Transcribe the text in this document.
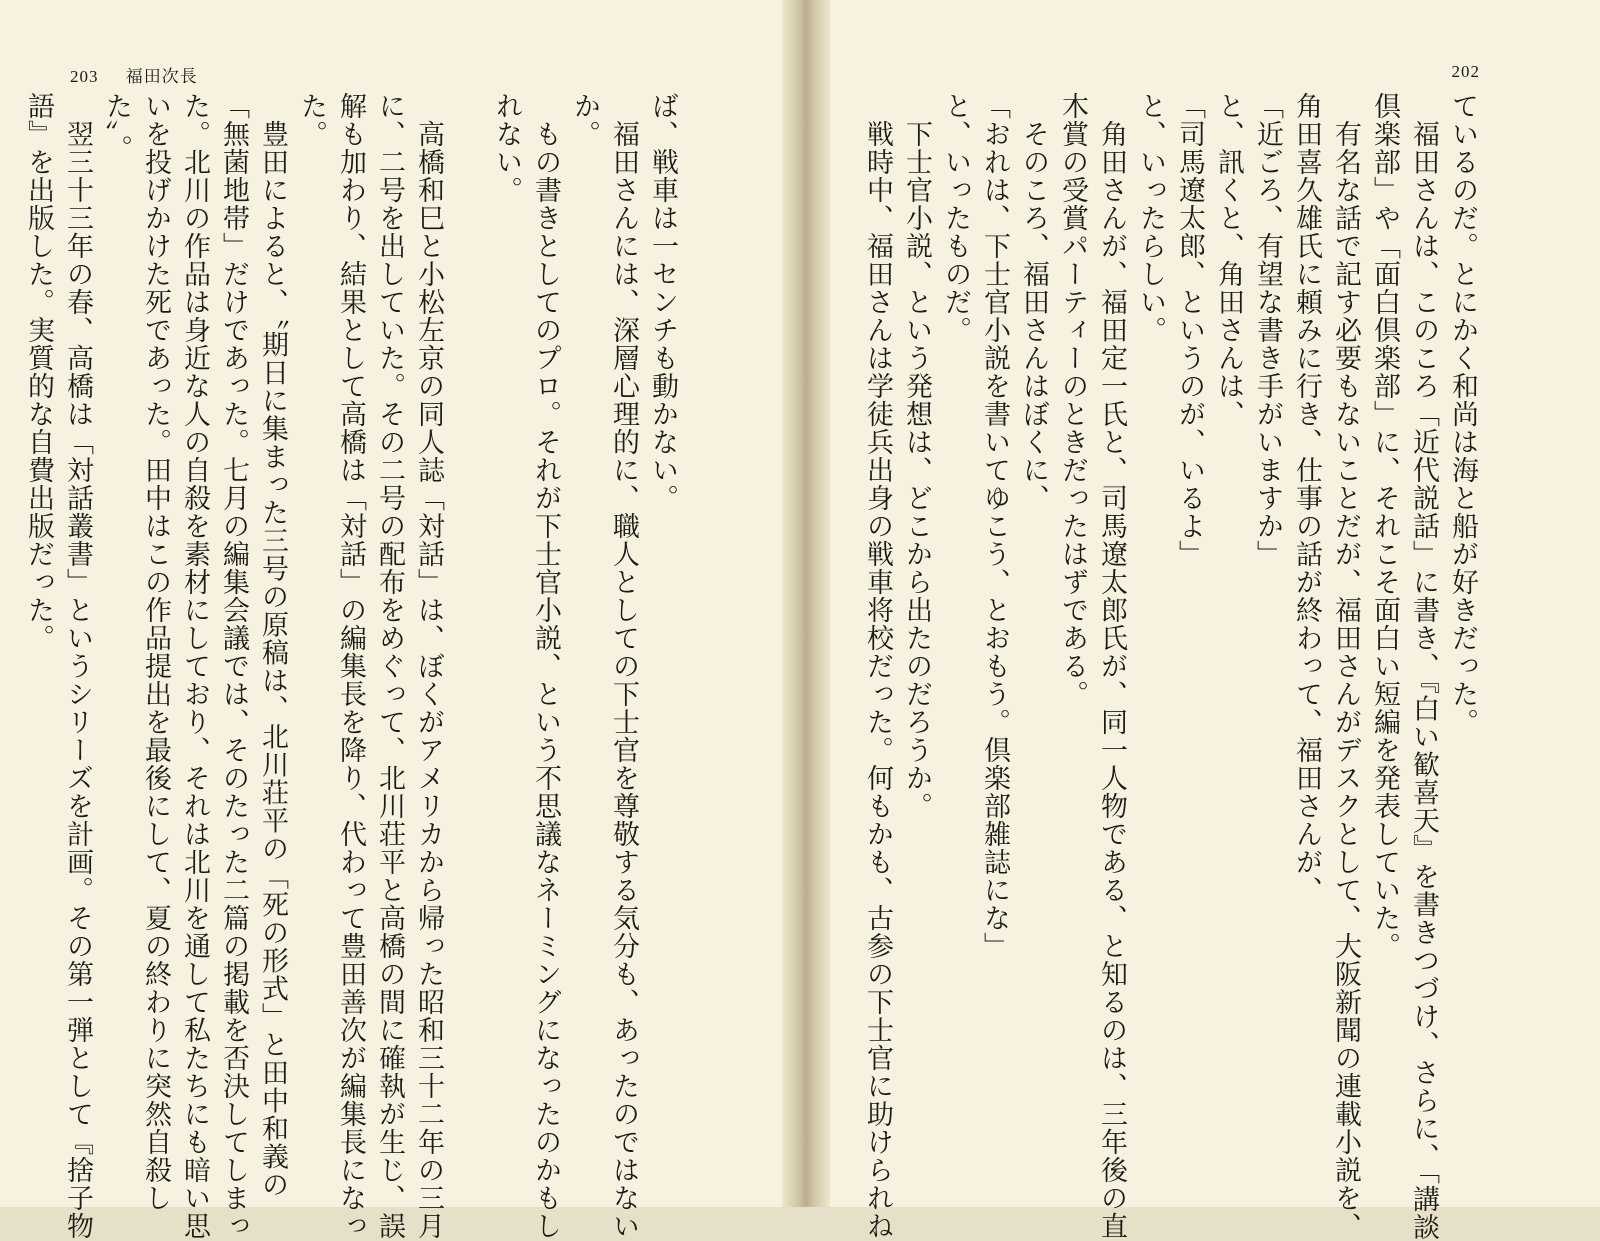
203 福田次長
ば、戦車は一センチも動かない。
　福田さんには、深層心理的に、職人としての下士官を尊敬する気分も、あったのではない
か。
　もの書きとしてのプロ。それが下士官小説、という不思議なネーミングになったのかもし
れない。
　高橋和巳と小松左京の同人誌「対話」は、ぼくがアメリカから帰った昭和三十二年の三月
に、二号を出していた。その二号の配布をめぐって、北川荘平と高橋の間に確執が生じ、誤
解も加わり、結果として高橋は「対話」の編集長を降り、代わって豊田善次が編集長になっ
た。
　豊田によると、〝期日に集まった三号の原稿は、北川荘平の「死の形式」と田中和義の
「無菌地帯」だけであった。七月の編集会議では、そのたった二篇の掲載を否決してしまっ
た。北川の作品は身近な人の自殺を素材にしており、それは北川を通して私たちにも暗い思
いを投げかけた死であった。田中はこの作品提出を最後にして、夏の終わりに突然自殺し
た〟。
　翌三十三年の春、高橋は「対話叢書」というシリーズを計画。その第一弾として『捨子物
語』を出版した。実質的な自費出版だった。
202
ているのだ。とにかく和尚は海と船が好きだった。
　福田さんは、このころ「近代説話」に書き、『白い歓喜天』を書きつづけ、さらに、「講談
倶楽部」や「面白倶楽部」に、それこそ面白い短編を発表していた。
　有名な話で記す必要もないことだが、福田さんがデスクとして、大阪新聞の連載小説を、
角田喜久雄氏に頼みに行き、仕事の話が終わって、福田さんが、
「近ごろ、有望な書き手がいますか」
と、訊くと、角田さんは、
「司馬遼太郎、というのが、いるよ」
と、いったらしい。
　角田さんが、福田定一氏と、司馬遼太郎氏が、同一人物である、と知るのは、三年後の直
木賞の受賞パーティーのときだったはずである。
　そのころ、福田さんはぼくに、
「おれは、下士官小説を書いてゆこう、とおもう。倶楽部雑誌にな」
と、いったものだ。
　下士官小説、という発想は、どこから出たのだろうか。
　戦時中、福田さんは学徒兵出身の戦車将校だった。何もかも、古参の下士官に助けられね
